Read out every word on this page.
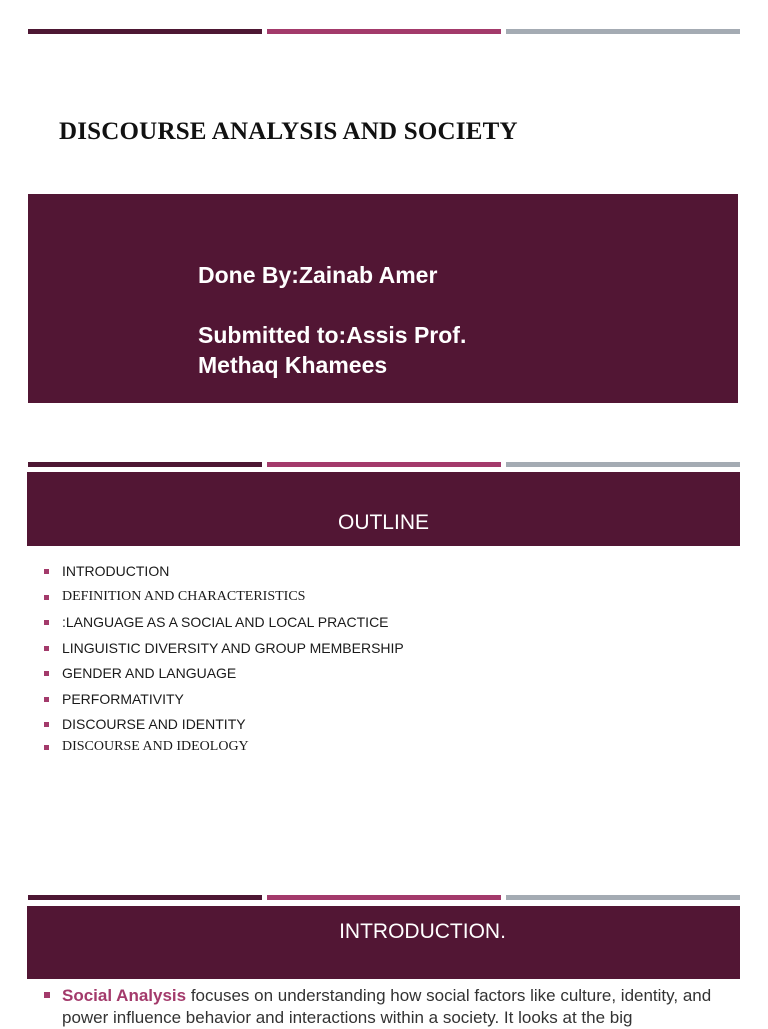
DISCOURSE ANALYSIS AND SOCIETY
Done By:Zainab Amer
Submitted to:Assis Prof.
Methaq Khamees
OUTLINE
INTRODUCTION
DEFINITION AND CHARACTERISTICS
:LANGUAGE AS A SOCIAL AND LOCAL PRACTICE
LINGUISTIC DIVERSITY AND GROUP MEMBERSHIP
GENDER AND LANGUAGE
PERFORMATIVITY
DISCOURSE AND IDENTITY
DISCOURSE AND IDEOLOGY
INTRODUCTION.
Social Analysis focuses on understanding how social factors like culture, identity, and power influence behavior and interactions within a society. It looks at the big
